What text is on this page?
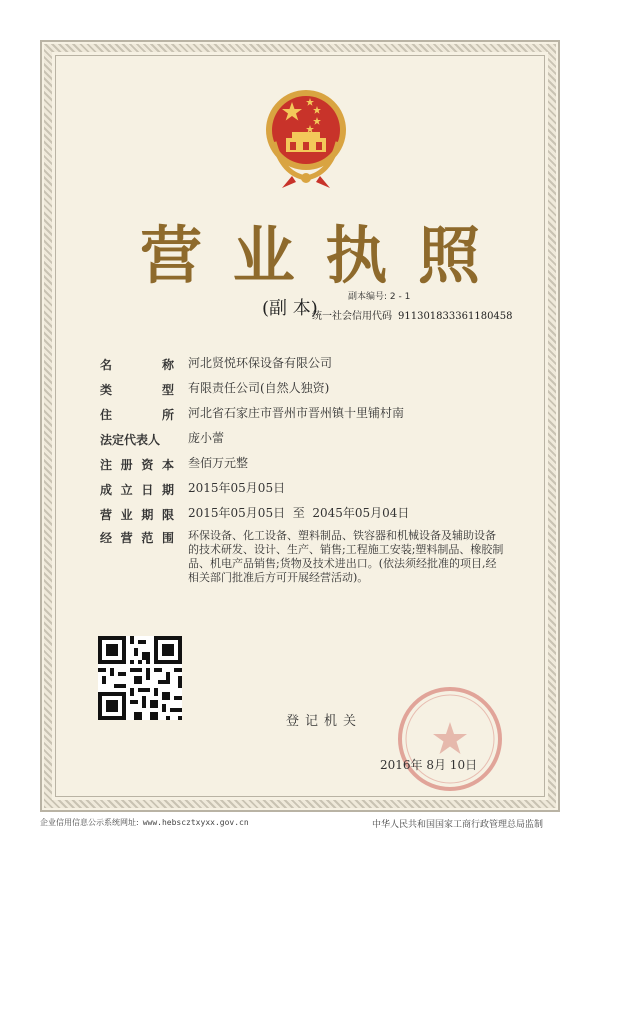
营 业 执 照
(副 本)
副本编号: 2 - 1
统一社会信用代码 911301833361180458
名	称 河北贤悦环保设备有限公司
类	型 有限责任公司(自然人独资)
住	所 河北省石家庄市晋州市晋州镇十里铺村南
法定代表人 庞小蕾
注 册 资 本 叁佰万元整
成 立 日 期 2015年05月05日
营 业 期 限 2015年05月05日  至  2045年05月04日
经 营 范 围 环保设备、化工设备、塑料制品、铁容器和机械设备及辅助设备的技术研发、设计、生产、销售;工程施工安装;塑料制品、橡胶制品、机电产品销售;货物及技术进出口。(依法须经批准的项目,经相关部门批准后方可开展经营活动)。
登记机关
2016年 8月 10日
企业信用信息公示系统网址: www.hebscztxyxx.gov.cn	中华人民共和国国家工商行政管理总局监制
